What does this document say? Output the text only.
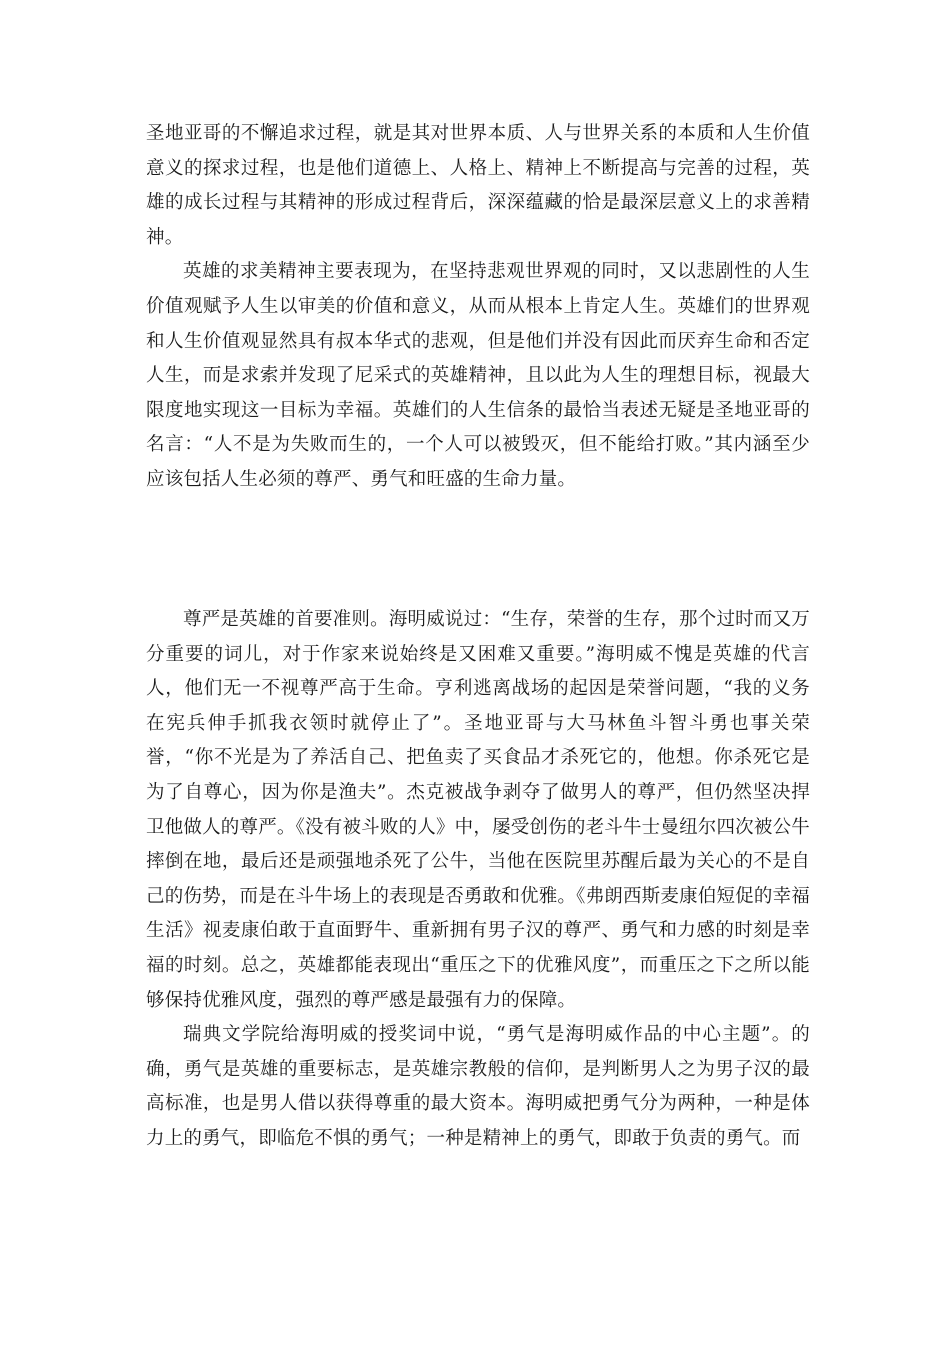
圣地亚哥的不懈追求过程，就是其对世界本质、人与世界关系的本质和人生价值意义的探求过程，也是他们道德上、人格上、精神上不断提高与完善的过程，英雄的成长过程与其精神的形成过程背后，深深蕴藏的恰是最深层意义上的求善精神。

英雄的求美精神主要表现为，在坚持悲观世界观的同时，又以悲剧性的人生价值观赋予人生以审美的价值和意义，从而从根本上肯定人生。英雄们的世界观和人生价值观显然具有叔本华式的悲观，但是他们并没有因此而厌弃生命和否定人生，而是求索并发现了尼采式的英雄精神，且以此为人生的理想目标，视最大限度地实现这一目标为幸福。英雄们的人生信条的最恰当表述无疑是圣地亚哥的名言：“人不是为失败而生的，一个人可以被毁灭，但不能给打败。”其内涵至少应该包括人生必须的尊严、勇气和旺盛的生命力量。

尊严是英雄的首要准则。海明威说过：“生存，荣誉的生存，那个过时而又万分重要的词儿，对于作家来说始终是又困难又重要。”海明威不愧是英雄的代言人，他们无一不视尊严高于生命。亨利逃离战场的起因是荣誉问题，“我的义务在宪兵伸手抓我衣领时就停止了”。圣地亚哥与大马林鱼斗智斗勇也事关荣誉，“你不光是为了养活自己、把鱼卖了买食品才杀死它的，他想。你杀死它是为了自尊心，因为你是渔夫”。杰克被战争剥夺了做男人的尊严，但仍然坚决捍卫他做人的尊严。《没有被斗败的人》中，屡受创伤的老斗牛士曼纽尔四次被公牛摔倒在地，最后还是顽强地杀死了公牛，当他在医院里苏醒后最为关心的不是自己的伤势，而是在斗牛场上的表现是否勇敢和优雅。《弗朗西斯麦康伯短促的幸福生活》视麦康伯敢于直面野牛、重新拥有男子汉的尊严、勇气和力感的时刻是幸福的时刻。总之，英雄都能表现出“重压之下的优雅风度”，而重压之下之所以能够保持优雅风度，强烈的尊严感是最强有力的保障。

瑞典文学院给海明威的授奖词中说，“勇气是海明威作品的中心主题”。的确，勇气是英雄的重要标志，是英雄宗教般的信仰，是判断男人之为男子汉的最高标准，也是男人借以获得尊重的最大资本。海明威把勇气分为两种，一种是体力上的勇气，即临危不惧的勇气；一种是精神上的勇气，即敢于负责的勇气。而
